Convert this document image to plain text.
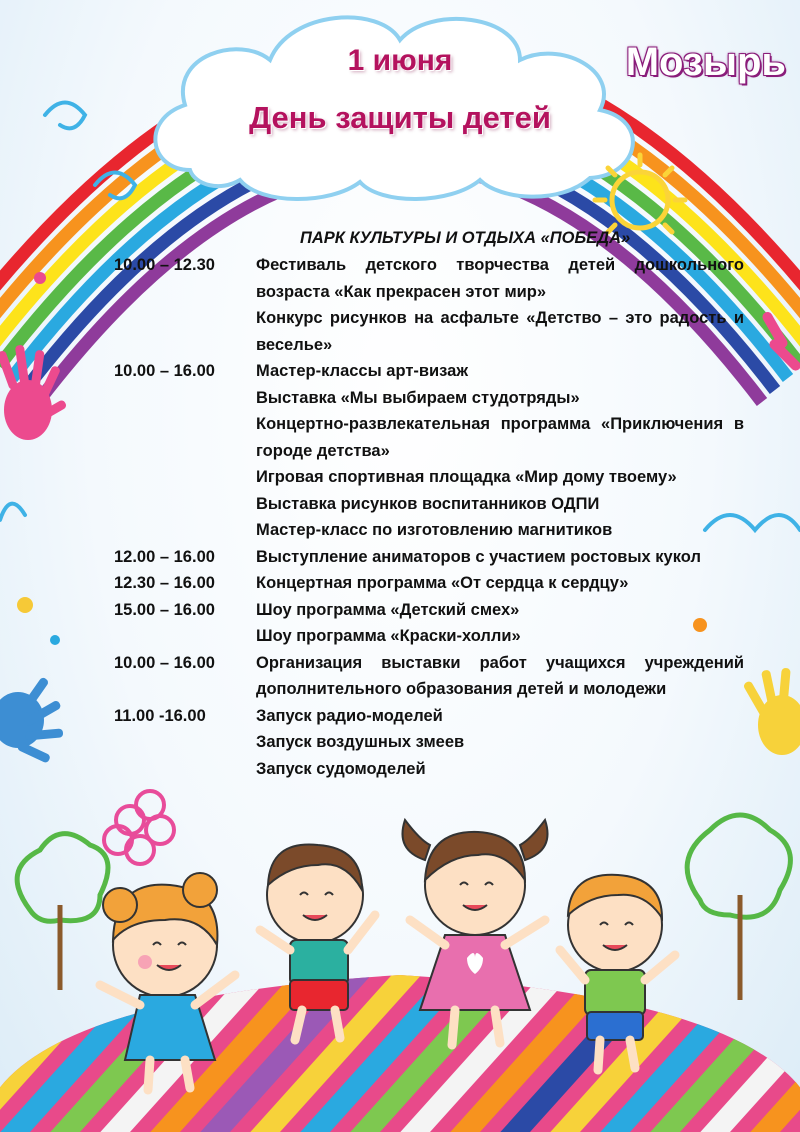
1 июня
День защиты детей
Мозырь
ПАРК КУЛЬТУРЫ И ОТДЫХА «ПОБЕДА»
10.00 – 12.30	Фестиваль детского творчества детей дошкольного возраста «Как прекрасен этот мир»
Конкурс рисунков на асфальте «Детство – это радость и веселье»
10.00 – 16.00	Мастер-классы арт-визаж
Выставка «Мы выбираем студотряды»
Концертно-развлекательная программа «Приключения в городе детства»
Игровая спортивная площадка «Мир дому твоему»
Выставка рисунков воспитанников ОДПИ
Мастер-класс по изготовлению магнитиков
12.00 – 16.00	Выступление аниматоров с участием ростовых кукол
12.30 – 16.00	Концертная программа «От сердца к сердцу»
15.00 – 16.00	Шоу программа «Детский смех»
Шоу программа «Краски-холли»
10.00 – 16.00	Организация выставки работ учащихся учреждений дополнительного образования детей и молодежи
11.00 -16.00	Запуск радио-моделей
Запуск воздушных змеев
Запуск судомоделей
